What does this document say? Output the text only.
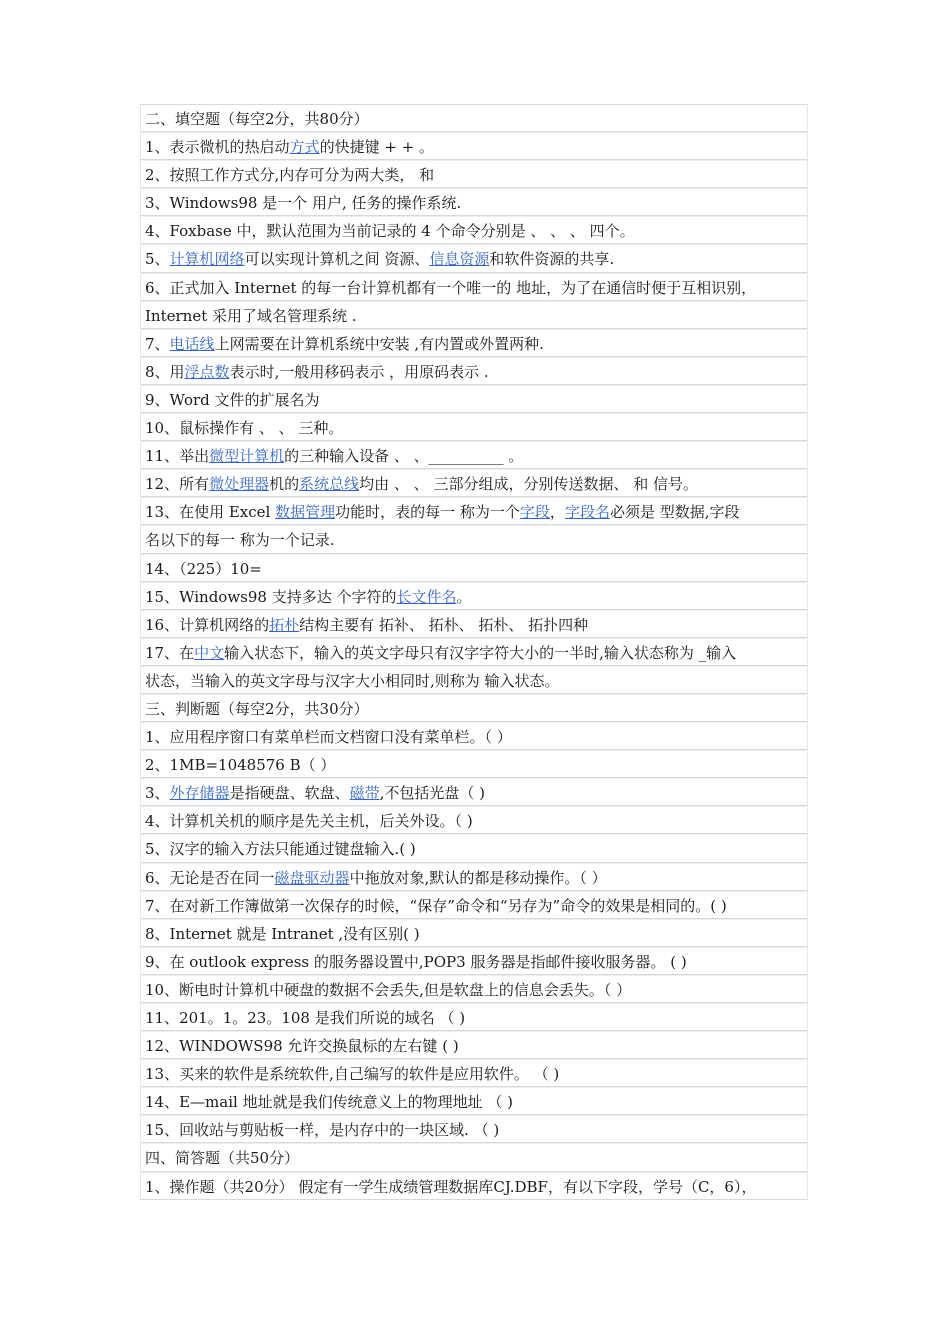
二、填空题（每空2分，共80分）
1、表示微机的热启动方式的快捷键 + + 。
2、按照工作方式分,内存可分为两大类， 和
3、Windows98 是一个 用户, 任务的操作系统.
4、Foxbase 中，默认范围为当前记录的 4 个命令分别是 、 、 、 四个。
5、计算机网络可以实现计算机之间 资源、信息资源和软件资源的共享.
6、正式加入 Internet 的每一台计算机都有一个唯一的 地址，为了在通信时便于互相识别，
Internet 采用了域名管理系统 .
7、电话线上网需要在计算机系统中安装 ,有内置或外置两种.
8、用浮点数表示时,一般用移码表示 ，用原码表示 .
9、Word 文件的扩展名为
10、鼠标操作有 、 、 三种。
11、举出微型计算机的三种输入设备 、 、__________ 。
12、所有微处理器机的系统总线均由 、 、 三部分组成，分别传送数据、 和 信号。
13、在使用 Excel 数据管理功能时，表的每一 称为一个字段，字段名必须是 型数据,字段
名以下的每一 称为一个记录.
14、（225）10=
15、Windows98 支持多达 个字符的长文件名。
16、计算机网络的拓朴结构主要有 拓补、 拓朴、 拓朴、 拓扑四种
17、在中文输入状态下，输入的英文字母只有汉字字符大小的一半时,输入状态称为 _输入
状态，当输入的英文字母与汉字大小相同时,则称为 输入状态。
三、判断题（每空2分，共30分）
1、应用程序窗口有菜单栏而文档窗口没有菜单栏。（ ）
2、1MB=1048576 B（ ）
3、外存储器是指硬盘、软盘、磁带,不包括光盘（ )
4、计算机关机的顺序是先关主机，后关外设。（ )
5、汉字的输入方法只能通过键盘输入.( )
6、无论是否在同一磁盘驱动器中拖放对象,默认的都是移动操作。（ ）
7、在对新工作簿做第一次保存的时候，“保存”命令和“另存为”命令的效果是相同的。( )
8、Internet 就是 Intranet ,没有区别( )
9、在 outlook express 的服务器设置中,POP3 服务器是指邮件接收服务器。 ( )
10、断电时计算机中硬盘的数据不会丢失,但是软盘上的信息会丢失。（ ）
11、201。1。23。108 是我们所说的域名 （ )
12、WINDOWS98 允许交换鼠标的左右键 ( )
13、买来的软件是系统软件,自己编写的软件是应用软件。 （ )
14、E—mail 地址就是我们传统意义上的物理地址 （ )
15、回收站与剪贴板一样，是内存中的一块区域. （ )
四、简答题（共50分）
1、操作题（共20分） 假定有一学生成绩管理数据库CJ.DBF，有以下字段，学号（C，6），
